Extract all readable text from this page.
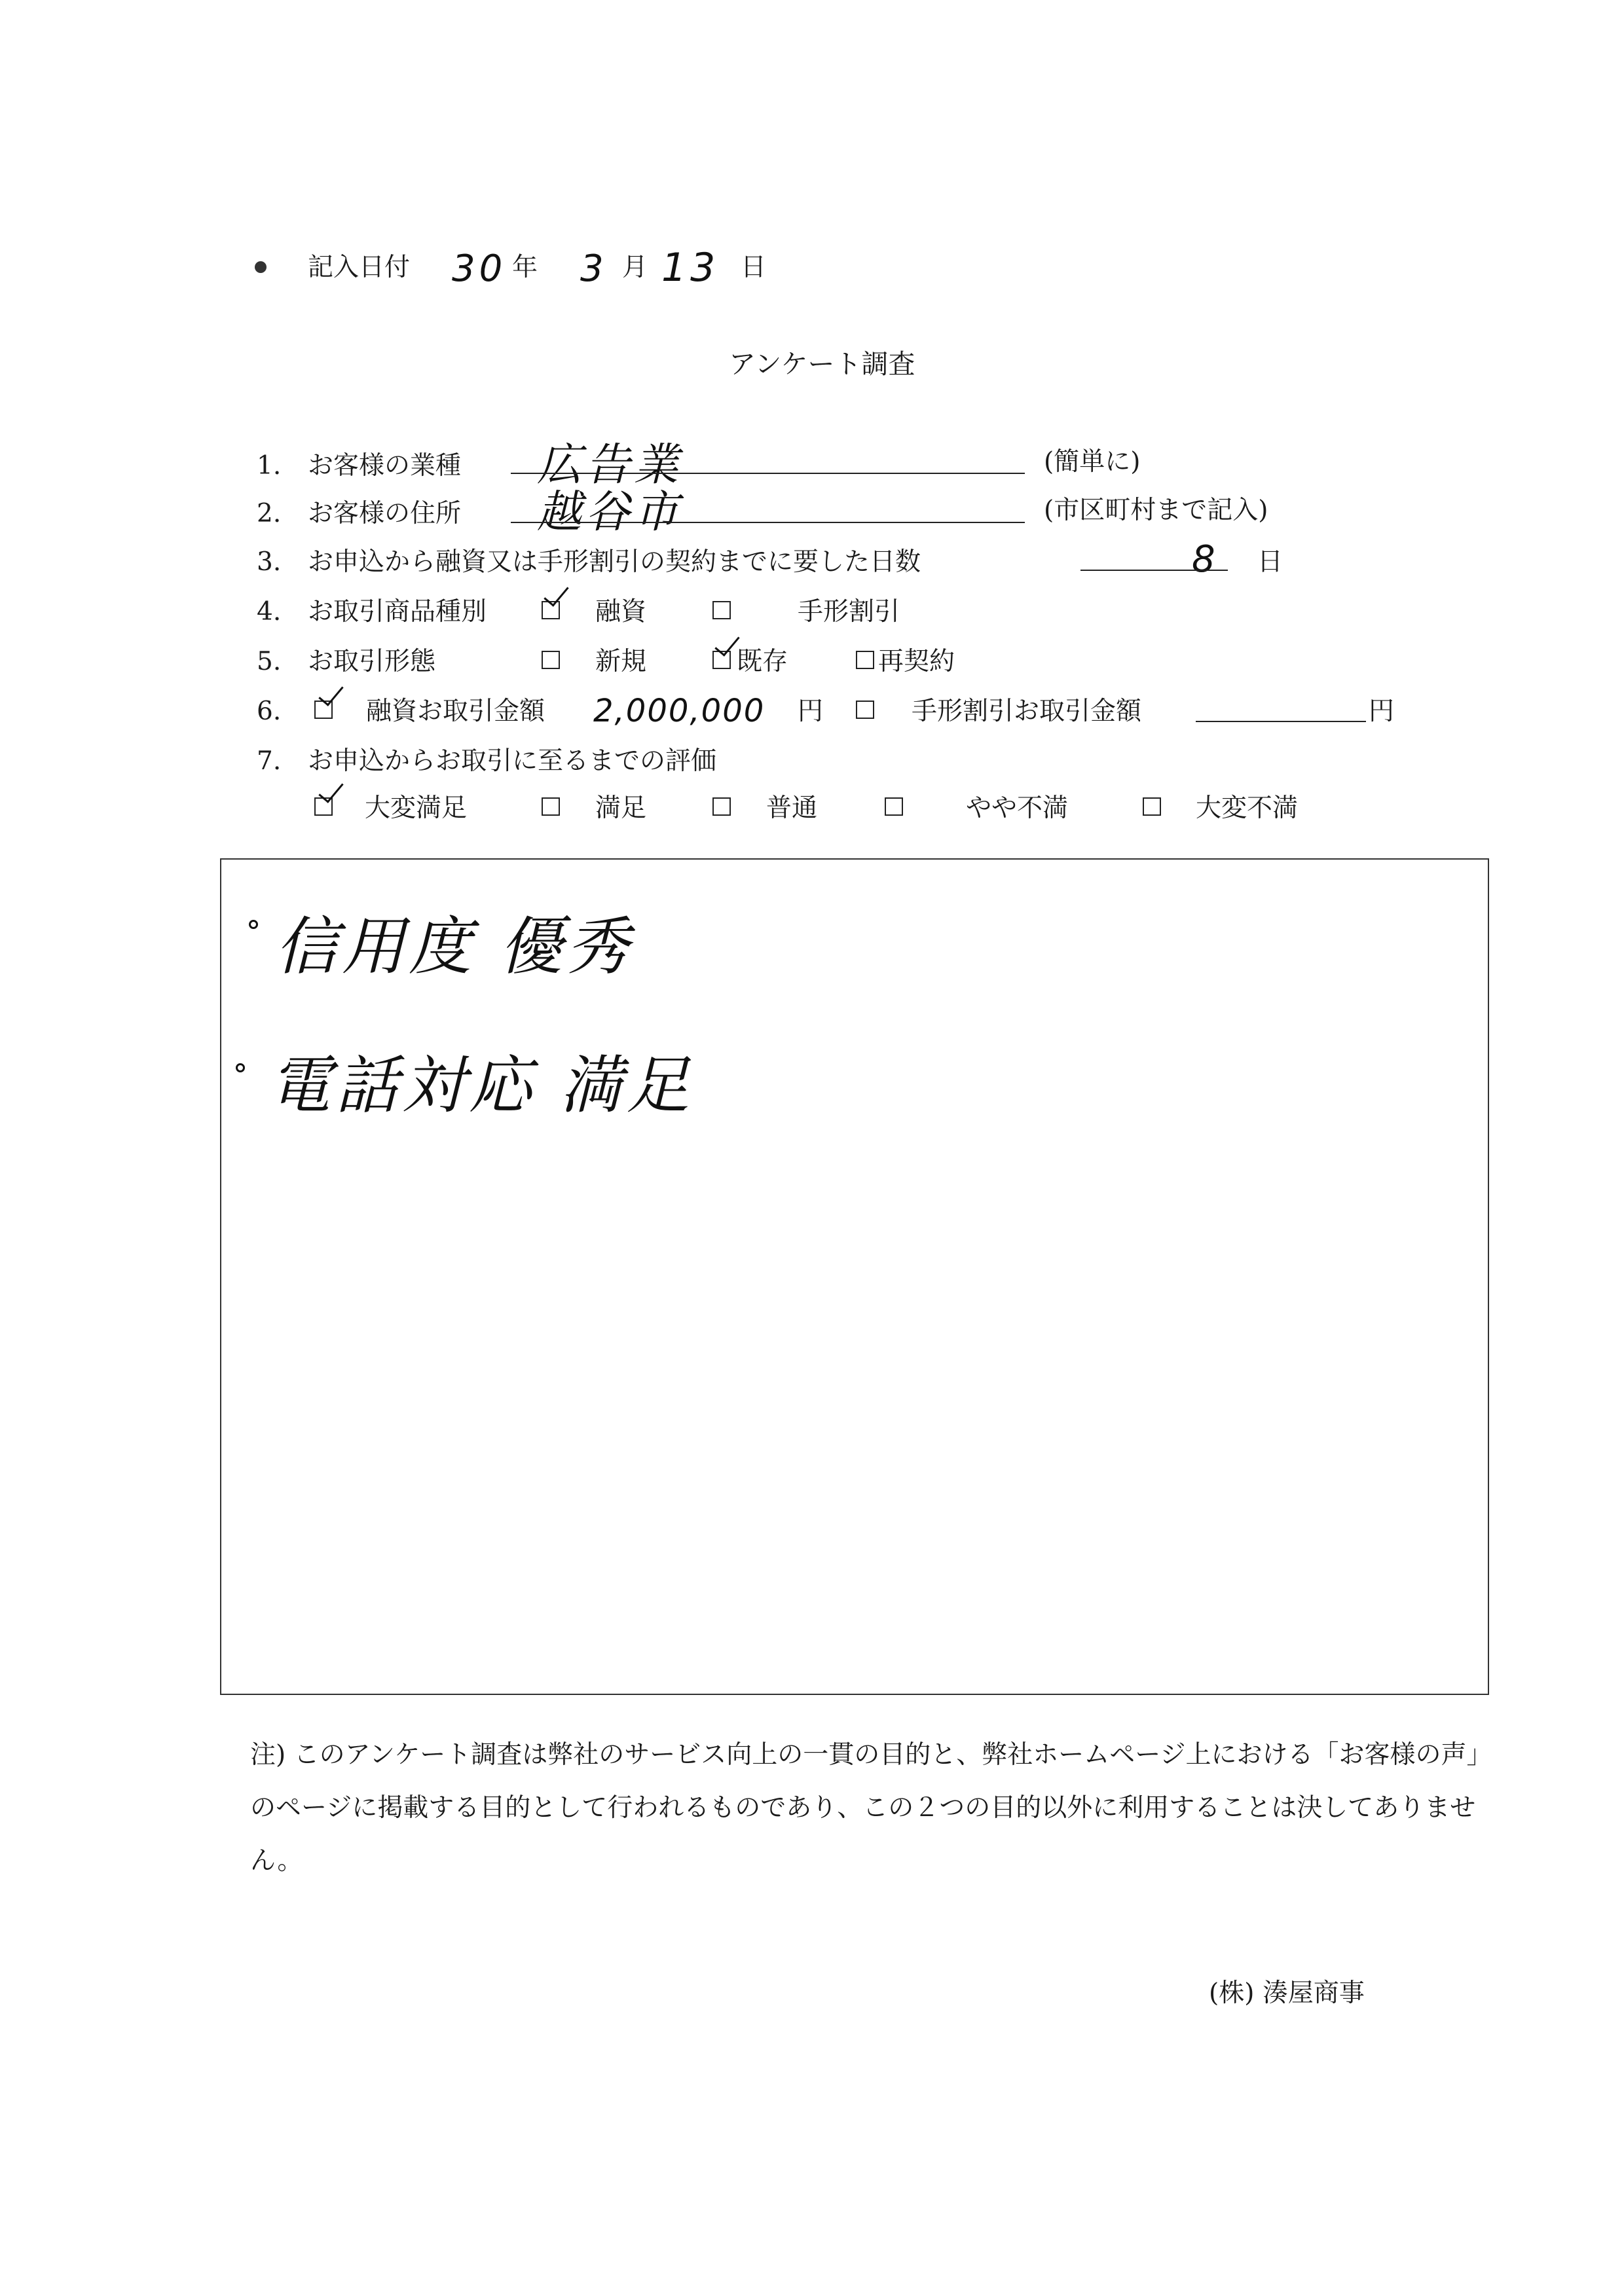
記入日付 30 年 3 月 13 日
アンケート調査
1. お客様の業種 広告業	(簡単に)
2. お客様の住所 越谷市	(市区町村まで記入)
3. お申込から融資又は手形割引の契約までに要した日数	8 日
4. お取引商品種別	融資	手形割引
5. お取引形態	新規	既存	再契約
6.	融資お取引金額 2,000,000 円	手形割引お取引金額	円
7. お申込からお取引に至るまでの評価
大変満足	満足	普通	やや不満	大変不満
信用度 優秀
電話対応 満足
注) このアンケート調査は弊社のサービス向上の一貫の目的と、弊社ホームページ上における「お客様の声」のページに掲載する目的として行われるものであり、この２つの目的以外に利用することは決してありません。
(株) 湊屋商事
